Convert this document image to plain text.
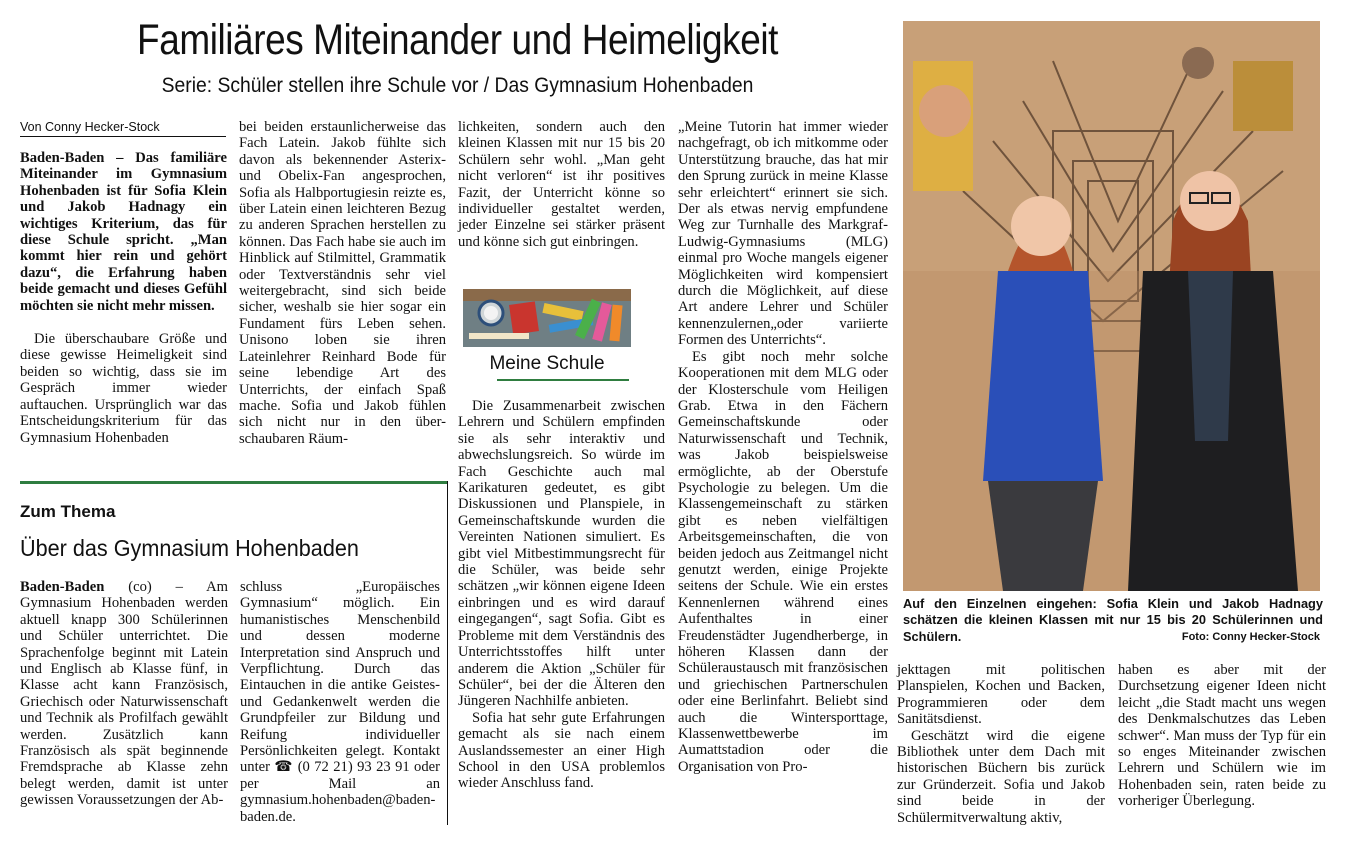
Familiäres Miteinander und Heimeligkeit
Serie: Schüler stellen ihre Schule vor / Das Gymnasium Hohenbaden
Von Conny Hecker-Stock

Baden-Baden – Das familiäre Miteinander im Gymnasium Hohenbaden ist für Sofia Klein und Jakob Hadnagy ein wichtiges Kriterium, das für diese Schule spricht. „Man kommt hier rein und gehört dazu“, die Erfahrung haben beide gemacht und dieses Gefühl möchten sie nicht mehr missen.

Die überschaubare Größe und diese gewisse Heimeligkeit sind beiden so wichtig, dass sie im Gespräch immer wieder auftauchen. Ursprünglich war das Entscheidungskriterium für das Gymnasium Hohenbaden

bei beiden erstaunlicherweise das Fach Latein. Jakob fühlte sich davon als bekennender Asterix- und Obelix-Fan angesprochen, Sofia als Halbportugiesin reizte es, über Latein einen leichteren Bezug zu anderen Sprachen herstellen zu können. Das Fach habe sie auch im Hinblick auf Stilmittel, Grammatik oder Textverständnis sehr viel weitergebracht, sind sich beide sicher, weshalb sie hier sogar ein Fundament fürs Leben sehen. Unisono loben sie ihren Lateinlehrer Reinhard Bode für seine lebendige Art des Unterrichts, der einfach Spaß mache. Sofia und Jakob fühlen sich nicht nur in den über-schaubaren Räum-

lichkeiten, sondern auch den kleinen Klassen mit nur 15 bis 20 Schülern sehr wohl. „Man geht nicht verloren“ ist ihr positives Fazit, der Unterricht könne so individueller gestaltet werden, jeder Einzelne sei stärker präsent und könne sich gut einbringen.

Meine Schule

Die Zusammenarbeit zwischen Lehrern und Schülern empfinden sie als sehr interaktiv und abwechslungsreich. So würde im Fach Geschichte auch mal Karikaturen gedeutet, es gibt Diskussionen und Planspiele, in Gemeinschaftskunde wurden die Vereinten Nationen simuliert. Es gibt viel Mitbestimmungsrecht für die Schüler, was beide sehr schätzen „wir können eigene Ideen einbringen und es wird darauf eingegangen“, sagt Sofia. Gibt es Probleme mit dem Verständnis des Unterrichtsstoffes hilft unter anderem die Aktion „Schüler für Schüler“, bei der die Älteren den Jüngeren Nachhilfe anbieten.

Sofia hat sehr gute Erfahrungen gemacht als sie nach einem Auslandssemester an einer High School in den USA problemlos wieder Anschluss fand.

„Meine Tutorin hat immer wieder nachgefragt, ob ich mitkomme oder Unterstützung brauche, das hat mir den Sprung zurück in meine Klasse sehr erleichtert“ erinnert sie sich. Der als etwas nervig empfundene Weg zur Turnhalle des Markgraf-Ludwig-Gymnasiums (MLG) einmal pro Woche mangels eigener Möglichkeiten wird kompensiert durch die Möglichkeit, auf diese Art andere Lehrer und Schüler kennenzulernen„oder variierte Formen des Unterrichts“.

Es gibt noch mehr solche Kooperationen mit dem MLG oder der Klosterschule vom Heiligen Grab. Etwa in den Fächern Gemeinschaftskunde oder Naturwissenschaft und Technik, was Jakob beispielsweise ermöglichte, ab der Oberstufe Psychologie zu belegen. Um die Klassengemeinschaft zu stärken gibt es neben vielfältigen Arbeitsgemeinschaften, die von beiden jedoch aus Zeitmangel nicht genutzt werden, einige Projekte seitens der Schule. Wie ein erstes Kennenlernen während eines Aufenthaltes in einer Freudenstädter Jugendherberge, in höheren Klassen dann der Schüleraustausch mit französischen und griechischen Partnerschulen oder eine Berlinfahrt. Beliebt sind auch die Wintersporttage, Klassenwettbewerbe im Aumattstadion oder die Organisation von Pro-

Auf den Einzelnen eingehen: Sofia Klein und Jakob Hadnagy schätzen die kleinen Klassen mit nur 15 bis 20 Schülerinnen und Schülern.	Foto: Conny Hecker-Stock
Zum Thema
Über das Gymnasium Hohenbaden

Baden-Baden (co) – Am Gymnasium Hohenbaden werden aktuell knapp 300 Schülerinnen und Schüler unterrichtet. Die Sprachenfolge beginnt mit Latein und Englisch ab Klasse fünf, in Klasse acht kann Französisch, Griechisch oder Naturwissenschaft und Technik als Profilfach gewählt werden. Zusätzlich kann Französisch als spät beginnende Fremdsprache ab Klasse zehn belegt werden, damit ist unter gewissen Voraussetzungen der Ab-

schluss „Europäisches Gymnasium“ möglich. Ein humanistisches Menschenbild und dessen moderne Interpretation sind Anspruch und Verpflichtung. Durch das Eintauchen in die antike Geistes- und Gedankenwelt werden die Grundpfeiler zur Bildung und Reifung individueller Persönlichkeiten gelegt. Kontakt unter ☎ (0 72 21) 93 23 91 oder per Mail an gymnasium.hohenbaden@baden-baden.de.

jekttagen mit politischen Planspielen, Kochen und Backen, Programmieren oder dem Sanitätsdienst.

Geschätzt wird die eigene Bibliothek unter dem Dach mit historischen Büchern bis zurück zur Gründerzeit. Sofia und Jakob sind beide in der Schülermitverwaltung aktiv,

haben es aber mit der Durchsetzung eigener Ideen nicht leicht „die Stadt macht uns wegen des Denkmalschutzes das Leben schwer“. Man muss der Typ für ein so enges Miteinander zwischen Lehrern und Schülern wie im Hohenbaden sein, raten beide zu vorheriger Überlegung.
